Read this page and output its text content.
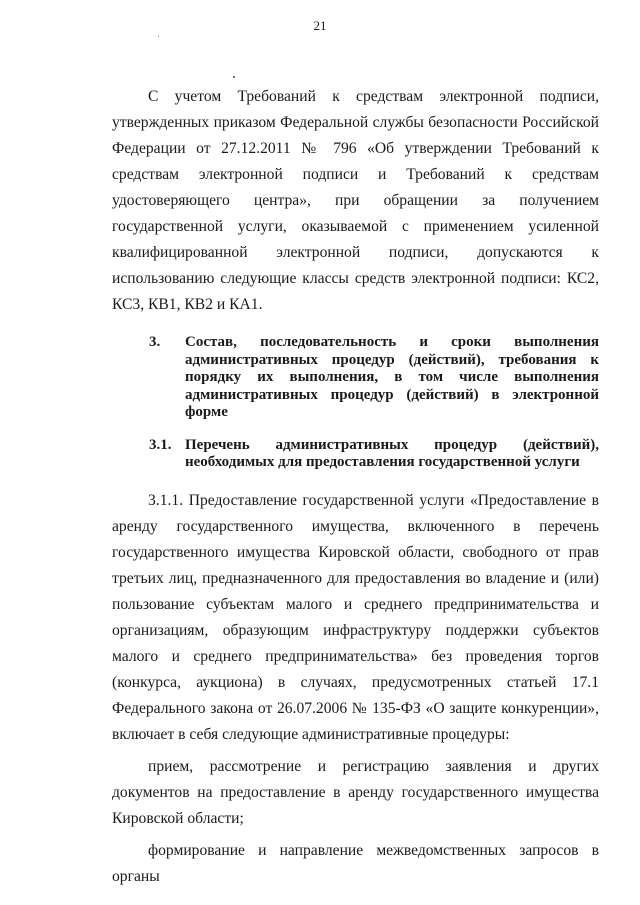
21

С учетом Требований к средствам электронной подписи, утвержденных приказом Федеральной службы безопасности Российской Федерации от 27.12.2011 № 796 «Об утверждении Требований к средствам электронной подписи и Требований к средствам удостоверяющего центра», при обращении за получением государственной услуги, оказываемой с применением усиленной квалифицированной электронной подписи, допускаются к использованию следующие классы средств электронной подписи: КС2, КС3, КВ1, КВ2 и КА1.

3.	Состав, последовательность и сроки выполнения административных процедур (действий), требования к порядку их выполнения, в том числе выполнения административных процедур (действий) в электронной форме
3.1. Перечень административных процедур (действий), необходимых для предоставления государственной услуги

3.1.1. Предоставление государственной услуги «Предоставление в аренду государственного имущества, включенного в перечень государственного имущества Кировской области, свободного от прав третьих лиц, предназначенного для предоставления во владение и (или) пользование субъектам малого и среднего предпринимательства и организациям, образующим инфраструктуру поддержки субъектов малого и среднего предпринимательства» без проведения торгов (конкурса, аукциона) в случаях, предусмотренных статьей 17.1 Федерального закона от 26.07.2006 № 135-ФЗ «О защите конкуренции», включает в себя следующие административные процедуры:

прием, рассмотрение и регистрацию заявления и других документов на предоставление в аренду государственного имущества Кировской области;

формирование и направление межведомственных запросов в органы
